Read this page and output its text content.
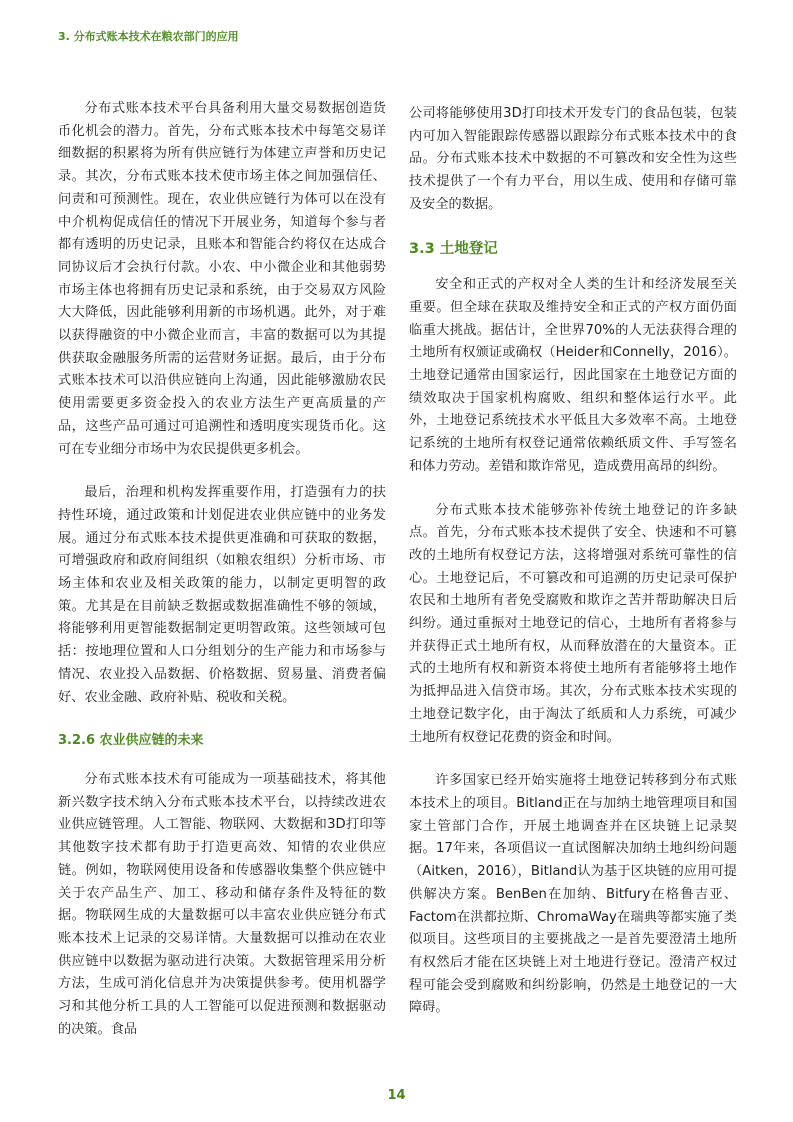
3. 分布式账本技术在粮农部门的应用

分布式账本技术平台具备利用大量交易数据创造货币化机会的潜力。首先，分布式账本技术中每笔交易详细数据的积累将为所有供应链行为体建立声誉和历史记录。其次，分布式账本技术使市场主体之间加强信任、问责和可预测性。现在，农业供应链行为体可以在没有中介机构促成信任的情况下开展业务，知道每个参与者都有透明的历史记录，且账本和智能合约将仅在达成合同协议后才会执行付款。小农、中小微企业和其他弱势市场主体也将拥有历史记录和系统，由于交易双方风险大大降低，因此能够利用新的市场机遇。此外，对于难以获得融资的中小微企业而言，丰富的数据可以为其提供获取金融服务所需的运营财务证据。最后，由于分布式账本技术可以沿供应链向上沟通，因此能够激励农民使用需要更多资金投入的农业方法生产更高质量的产品，这些产品可通过可追溯性和透明度实现货币化。这可在专业细分市场中为农民提供更多机会。

最后，治理和机构发挥重要作用，打造强有力的扶持性环境，通过政策和计划促进农业供应链中的业务发展。通过分布式账本技术提供更准确和可获取的数据，可增强政府和政府间组织（如粮农组织）分析市场、市场主体和农业及相关政策的能力，以制定更明智的政策。尤其是在目前缺乏数据或数据准确性不够的领域，将能够利用更智能数据制定更明智政策。这些领域可包括：按地理位置和人口分组划分的生产能力和市场参与情况、农业投入品数据、价格数据、贸易量、消费者偏好、农业金融、政府补贴、税收和关税。

3.2.6 农业供应链的未来

分布式账本技术有可能成为一项基础技术，将其他新兴数字技术纳入分布式账本技术平台，以持续改进农业供应链管理。人工智能、物联网、大数据和3D打印等其他数字技术都有助于打造更高效、知情的农业供应链。例如，物联网使用设备和传感器收集整个供应链中关于农产品生产、加工、移动和储存条件及特征的数据。物联网生成的大量数据可以丰富农业供应链分布式账本技术上记录的交易详情。大量数据可以推动在农业供应链中以数据为驱动进行决策。大数据管理采用分析方法，生成可消化信息并为决策提供参考。使用机器学习和其他分析工具的人工智能可以促进预测和数据驱动的决策。食品

公司将能够使用3D打印技术开发专门的食品包装，包装内可加入智能跟踪传感器以跟踪分布式账本技术中的食品。分布式账本技术中数据的不可篡改和安全性为这些技术提供了一个有力平台，用以生成、使用和存储可靠及安全的数据。

3.3 土地登记

安全和正式的产权对全人类的生计和经济发展至关重要。但全球在获取及维持安全和正式的产权方面仍面临重大挑战。据估计，全世界70%的人无法获得合理的土地所有权颁证或确权（Heider和Connelly，2016）。土地登记通常由国家运行，因此国家在土地登记方面的绩效取决于国家机构腐败、组织和整体运行水平。此外，土地登记系统技术水平低且大多效率不高。土地登记系统的土地所有权登记通常依赖纸质文件、手写签名和体力劳动。差错和欺诈常见，造成费用高昂的纠纷。

分布式账本技术能够弥补传统土地登记的许多缺点。首先，分布式账本技术提供了安全、快速和不可篡改的土地所有权登记方法，这将增强对系统可靠性的信心。土地登记后，不可篡改和可追溯的历史记录可保护农民和土地所有者免受腐败和欺诈之苦并帮助解决日后纠纷。通过重振对土地登记的信心，土地所有者将参与并获得正式土地所有权，从而释放潜在的大量资本。正式的土地所有权和新资本将使土地所有者能够将土地作为抵押品进入信贷市场。其次，分布式账本技术实现的土地登记数字化，由于淘汰了纸质和人力系统，可减少土地所有权登记花费的资金和时间。

许多国家已经开始实施将土地登记转移到分布式账本技术上的项目。Bitland正在与加纳土地管理项目和国家土管部门合作，开展土地调查并在区块链上记录契据。17年来，各项倡议一直试图解决加纳土地纠纷问题（Aitken，2016），Bitland认为基于区块链的应用可提供解决方案。BenBen在加纳、Bitfury在格鲁吉亚、Factom在洪都拉斯、ChromaWay在瑞典等都实施了类似项目。这些项目的主要挑战之一是首先要澄清土地所有权然后才能在区块链上对土地进行登记。澄清产权过程可能会受到腐败和纠纷影响，仍然是土地登记的一大障碍。

14
